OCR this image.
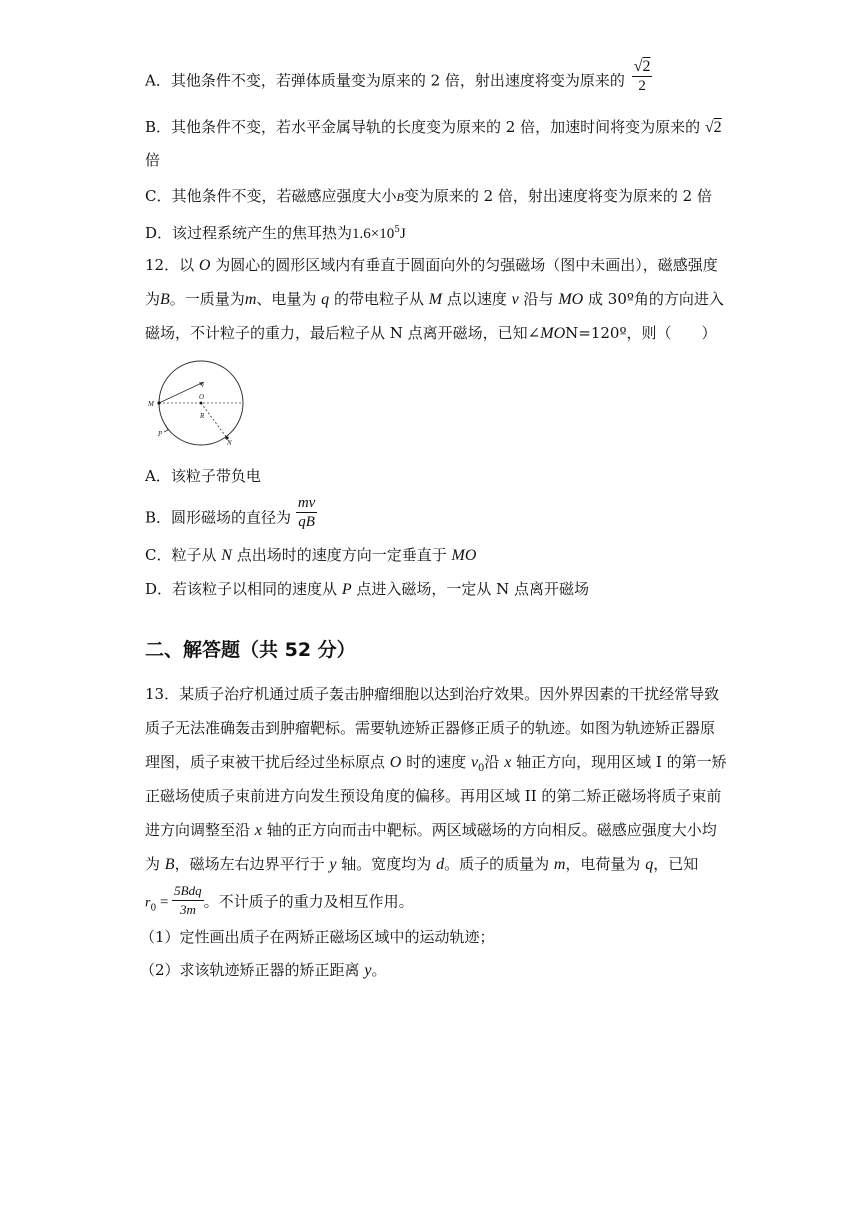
A．其他条件不变，若弹体质量变为原来的 2 倍，射出速度将变为原来的 $\frac{√2}{2}$
B．其他条件不变，若水平金属导轨的长度变为原来的 2 倍，加速时间将变为原来的 √2
倍
C．其他条件不变，若磁感应强度大小B变为原来的 2 倍，射出速度将变为原来的 2 倍
D．该过程系统产生的焦耳热为$1.6\times 10^5J$
12．以 O 为圆心的圆形区域内有垂直于圆面向外的匀强磁场（图中未画出），磁感强度
为B。一质量为m、电量为 q 的带电粒子从 M 点以速度 v 沿与 MO 成 30º角的方向进入
磁场，不计粒子的重力，最后粒子从 N 点离开磁场，已知∠MON=120º，则（　　）
M
O
v
R
P
N
A．该粒子带负电
B．圆形磁场的直径为 $\frac{mv}{qB}$
C．粒子从 N 点出场时的速度方向一定垂直于 MO
D．若该粒子以相同的速度从 P 点进入磁场，一定从 N 点离开磁场
二、解答题（共 52 分）
13．某质子治疗机通过质子轰击肿瘤细胞以达到治疗效果。因外界因素的干扰经常导致
质子无法准确轰击到肿瘤靶标。需要轨迹矫正器修正质子的轨迹。如图为轨迹矫正器原
理图，质子束被干扰后经过坐标原点 O 时的速度 $v_0$沿 x 轴正方向，现用区域 I 的第一矫
正磁场使质子束前进方向发生预设角度的偏移。再用区域 II 的第二矫正磁场将质子束前
进方向调整至沿 x 轴的正方向而击中靶标。两区域磁场的方向相反。磁感应强度大小均
为 B，磁场左右边界平行于 y 轴。宽度均为 d。质子的质量为 m，电荷量为 q，已知
$r_0 = \frac{\text{5Bdq}}{3m}$ 。不计质子的重力及相互作用。
（1）定性画出质子在两矫正磁场区域中的运动轨迹；
（2）求该轨迹矫正器的矫正距离 y。
